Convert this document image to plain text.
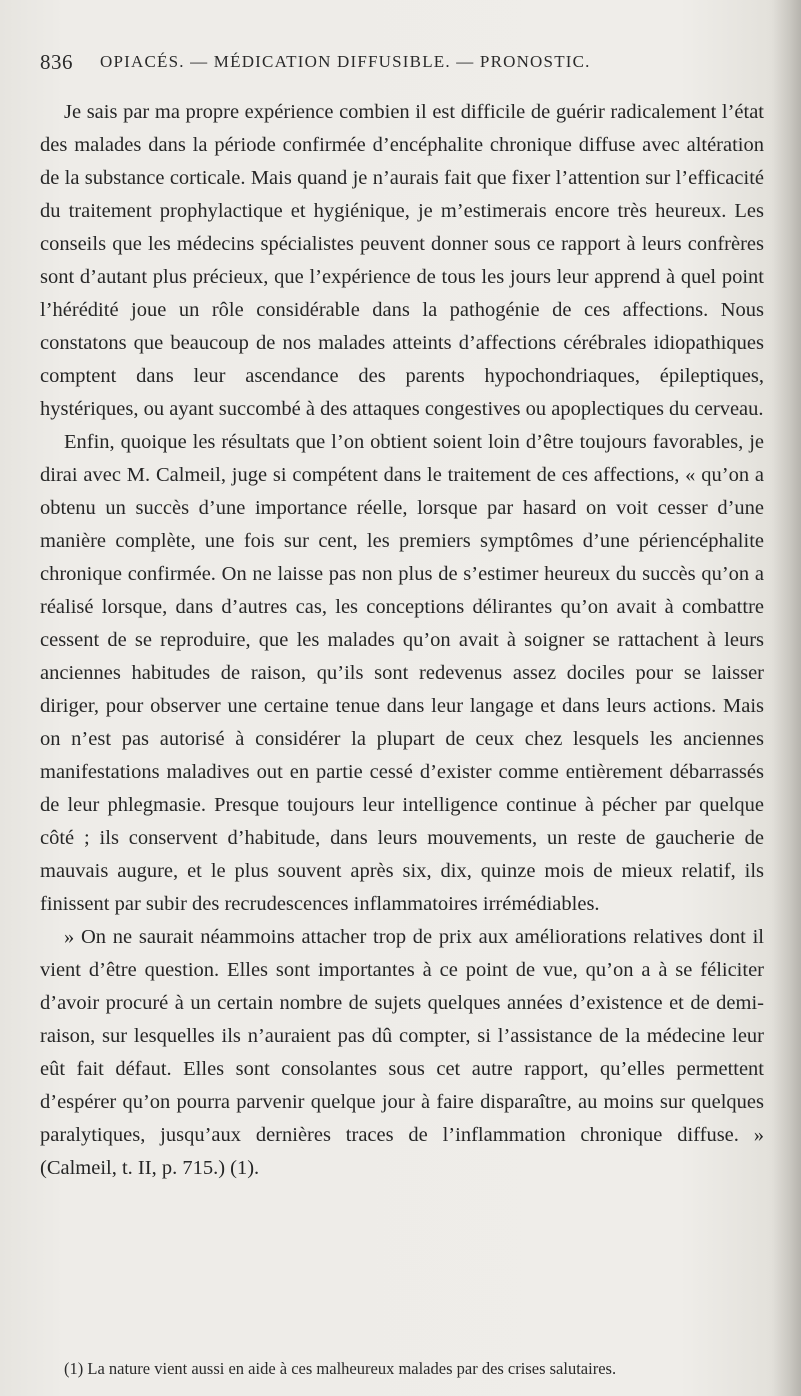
836 OPIACÉS. — MÉDICATION DIFFUSIBLE. — PRONOSTIC.

Je sais par ma propre expérience combien il est difficile de guérir radicalement l’état des malades dans la période confirmée d’encéphalite chronique diffuse avec altération de la substance corticale. Mais quand je n’aurais fait que fixer l’attention sur l’efficacité du traitement prophylactique et hygiénique, je m’estimerais encore très heureux. Les conseils que les médecins spécialistes peuvent donner sous ce rapport à leurs confrères sont d’autant plus précieux, que l’expérience de tous les jours leur apprend à quel point l’hérédité joue un rôle considérable dans la pathogénie de ces affections. Nous constatons que beaucoup de nos malades atteints d’affections cérébrales idiopathiques comptent dans leur ascendance des parents hypochondriaques, épileptiques, hystériques, ou ayant succombé à des attaques congestives ou apoplectiques du cerveau.

Enfin, quoique les résultats que l’on obtient soient loin d’être toujours favorables, je dirai avec M. Calmeil, juge si compétent dans le traitement de ces affections, « qu’on a obtenu un succès d’une importance réelle, lorsque par hasard on voit cesser d’une manière complète, une fois sur cent, les premiers symptômes d’une périencéphalite chronique confirmée. On ne laisse pas non plus de s’estimer heureux du succès qu’on a réalisé lorsque, dans d’autres cas, les conceptions délirantes qu’on avait à combattre cessent de se reproduire, que les malades qu’on avait à soigner se rattachent à leurs anciennes habitudes de raison, qu’ils sont redevenus assez dociles pour se laisser diriger, pour observer une certaine tenue dans leur langage et dans leurs actions. Mais on n’est pas autorisé à considérer la plupart de ceux chez lesquels les anciennes manifestations maladives out en partie cessé d’exister comme entièrement débarrassés de leur phlegmasie. Presque toujours leur intelligence continue à pécher par quelque côté ; ils conservent d’habitude, dans leurs mouvements, un reste de gaucherie de mauvais augure, et le plus souvent après six, dix, quinze mois de mieux relatif, ils finissent par subir des recrudescences inflammatoires irrémédiables.

» On ne saurait néammoins attacher trop de prix aux améliorations relatives dont il vient d’être question. Elles sont importantes à ce point de vue, qu’on a à se féliciter d’avoir procuré à un certain nombre de sujets quelques années d’existence et de demi-raison, sur lesquelles ils n’auraient pas dû compter, si l’assistance de la médecine leur eût fait défaut. Elles sont consolantes sous cet autre rapport, qu’elles permettent d’espérer qu’on pourra parvenir quelque jour à faire disparaître, au moins sur quelques paralytiques, jusqu’aux dernières traces de l’inflammation chronique diffuse. » (Calmeil, t. II, p. 715.) (1).

(1) La nature vient aussi en aide à ces malheureux malades par des crises salutaires.
